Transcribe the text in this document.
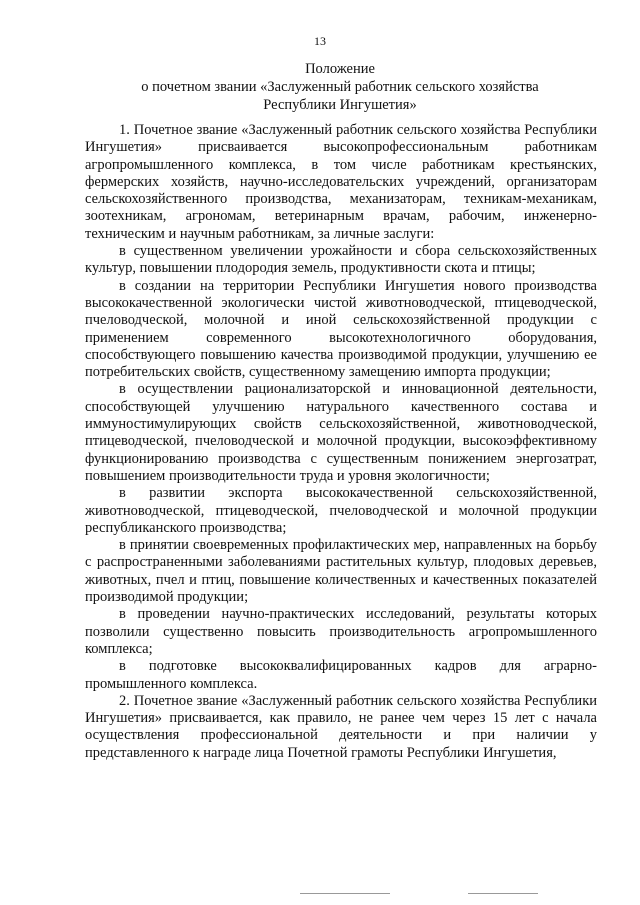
13
Положение
о почетном звании «Заслуженный работник сельского хозяйства
Республики Ингушетия»

1. Почетное звание «Заслуженный работник сельского хозяйства Республики Ингушетия» присваивается высокопрофессиональным работникам агропромышленного комплекса, в том числе работникам крестьянских, фермерских хозяйств, научно-исследовательских учреждений, организаторам сельскохозяйственного производства, механизаторам, техникам-механикам, зоотехникам, агрономам, ветеринарным врачам, рабочим, инженерно-техническим и научным работникам, за личные заслуги:

в существенном увеличении урожайности и сбора сельскохозяйственных культур, повышении плодородия земель, продуктивности скота и птицы;

в создании на территории Республики Ингушетия нового производства высококачественной экологически чистой животноводческой, птицеводческой, пчеловодческой, молочной и иной сельскохозяйственной продукции с применением современного высокотехнологичного оборудования, способствующего повышению качества производимой продукции, улучшению ее потребительских свойств, существенному замещению импорта продукции;

в осуществлении рационализаторской и инновационной деятельности, способствующей улучшению натурального качественного состава и иммуностимулирующих свойств сельскохозяйственной, животноводческой, птицеводческой, пчеловодческой и молочной продукции, высокоэффективному функционированию производства с существенным понижением энергозатрат, повышением производительности труда и уровня экологичности;

в развитии экспорта высококачественной сельскохозяйственной, животноводческой, птицеводческой, пчеловодческой и молочной продукции республиканского производства;

в принятии своевременных профилактических мер, направленных на борьбу с распространенными заболеваниями растительных культур, плодовых деревьев, животных, пчел и птиц, повышение количественных и качественных показателей производимой продукции;

в проведении научно-практических исследований, результаты которых позволили существенно повысить производительность агропромышленного комплекса;

в подготовке высококвалифицированных кадров для аграрно-промышленного комплекса.

2. Почетное звание «Заслуженный работник сельского хозяйства Республики Ингушетия» присваивается, как правило, не ранее чем через 15 лет с начала осуществления профессиональной деятельности и при наличии у представленного к награде лица Почетной грамоты Республики Ингушетия,
